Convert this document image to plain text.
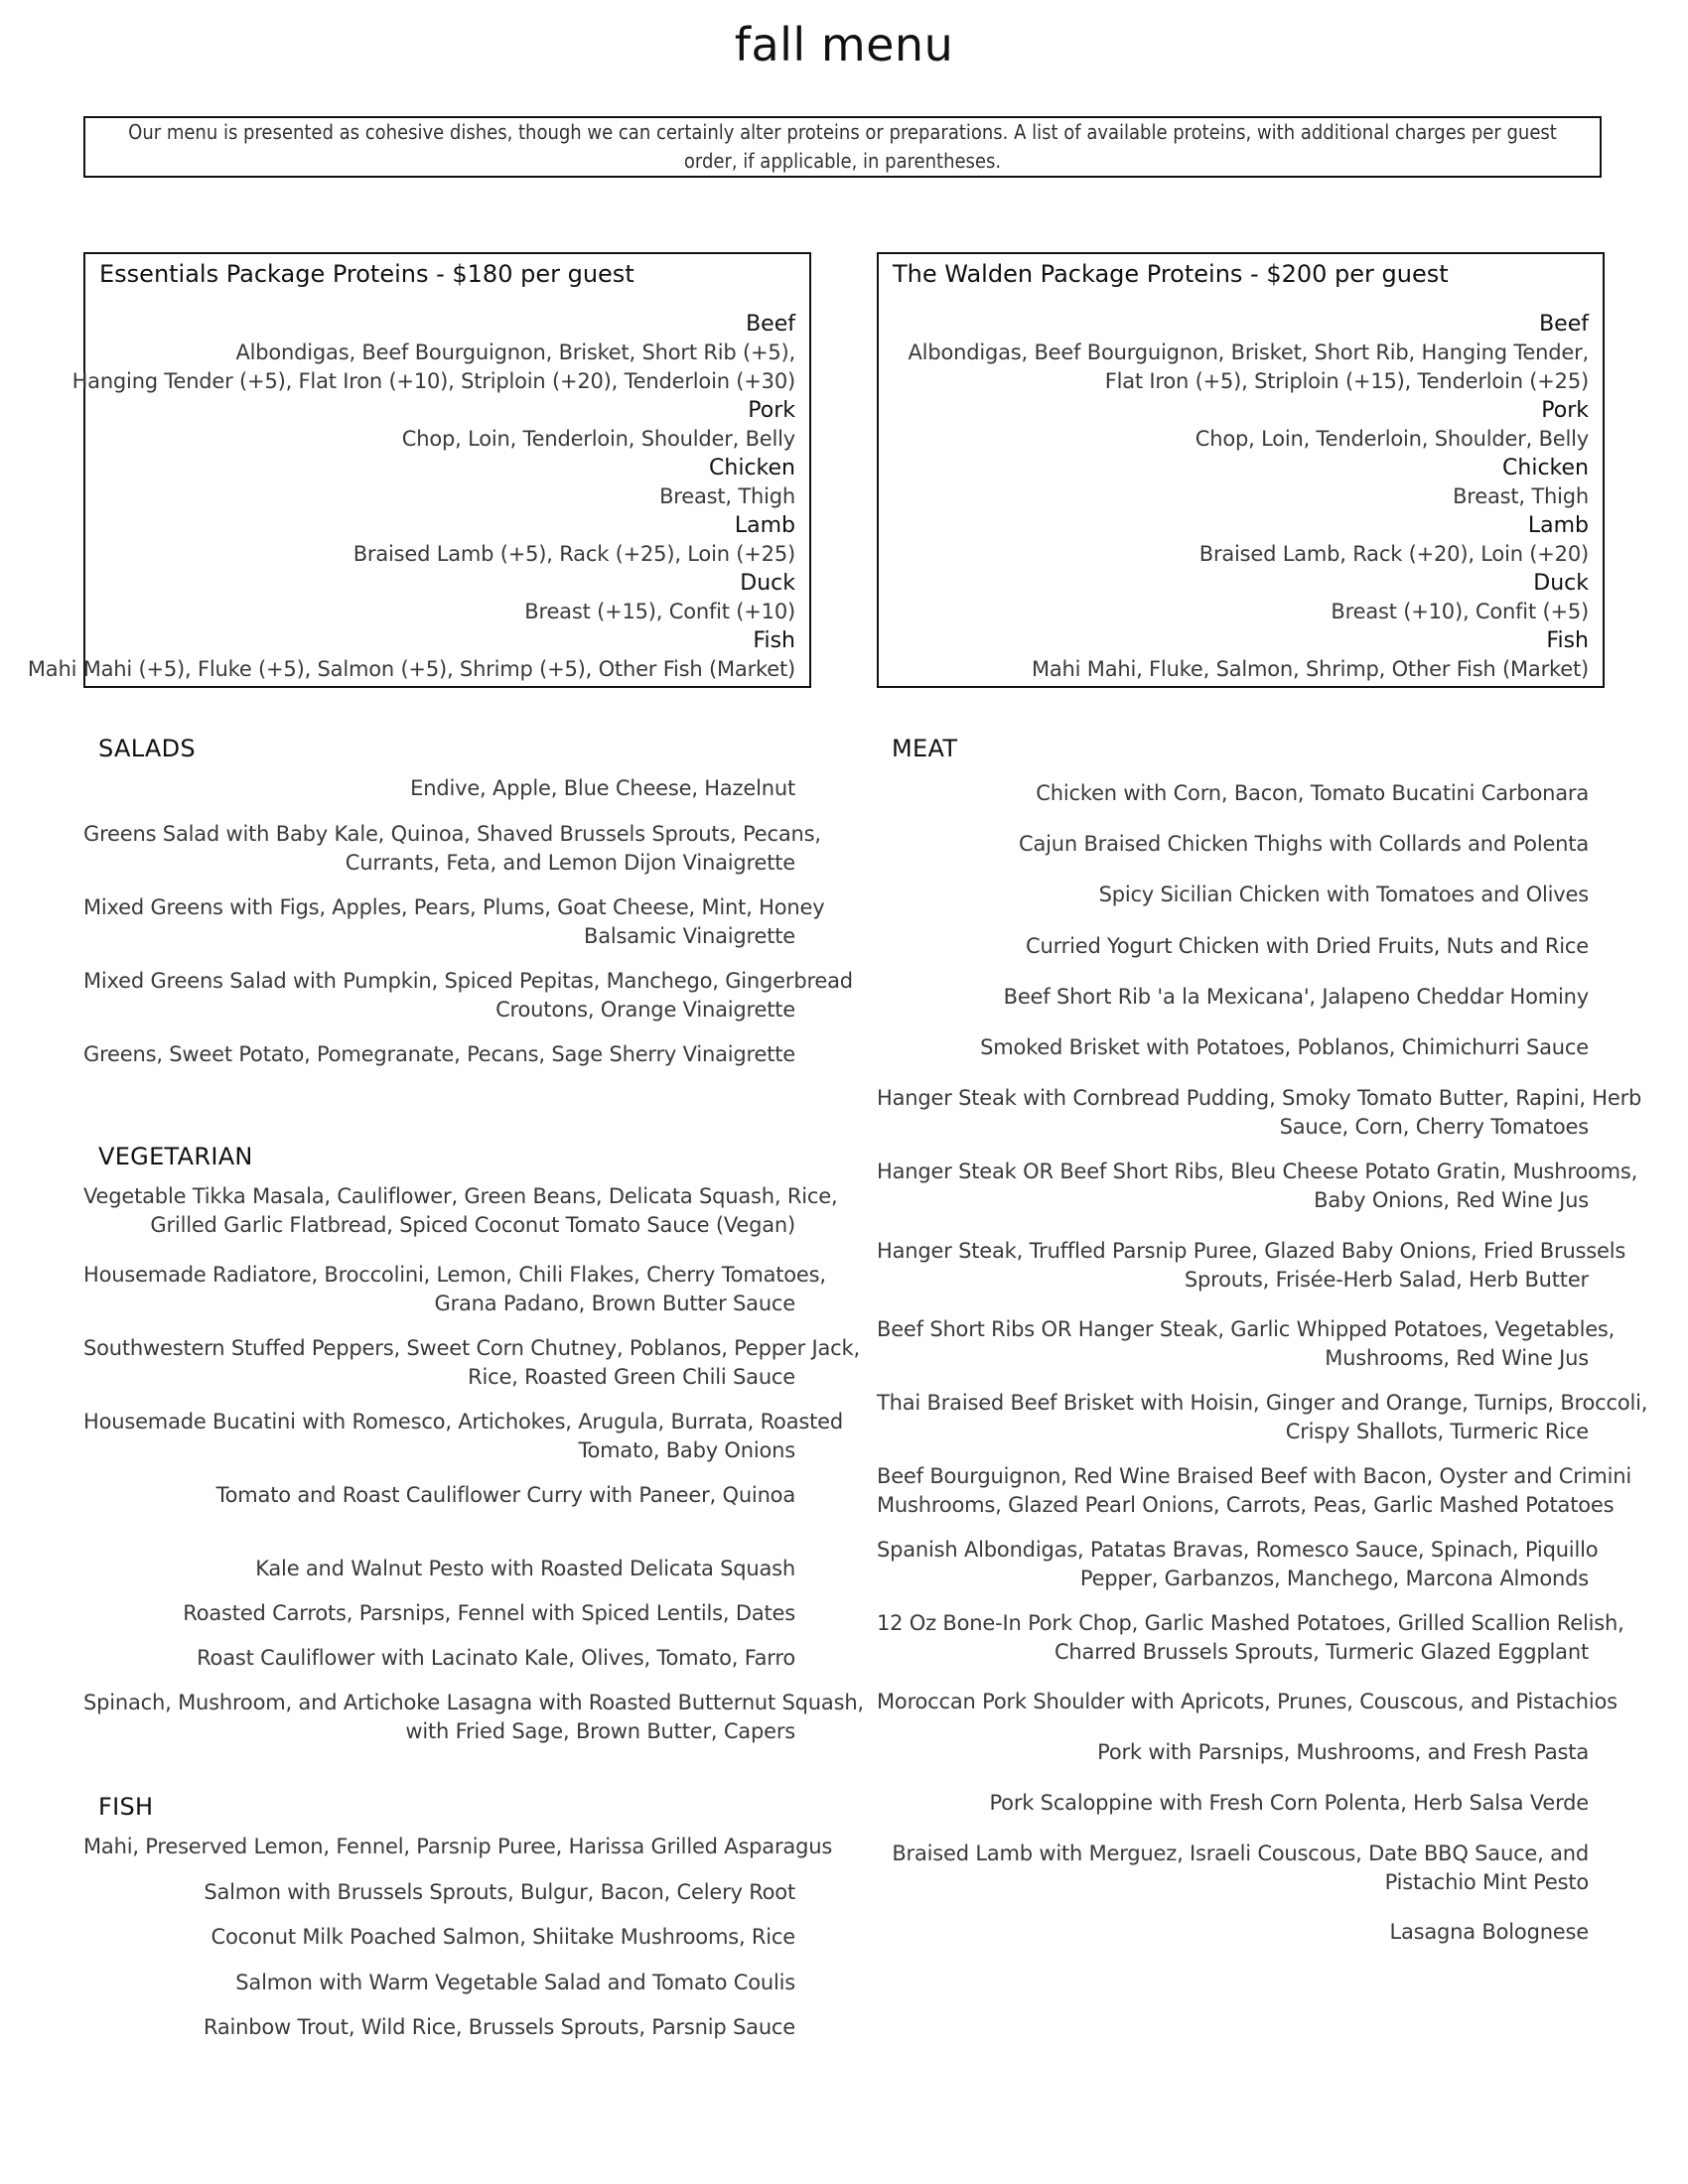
fall menu

Our menu is presented as cohesive dishes, though we can certainly alter proteins or preparations. A list of available proteins, with additional charges per guest order, if applicable, in parentheses.

Essentials Package Proteins - $180 per guest
Beef
Albondigas, Beef Bourguignon, Brisket, Short Rib (+5),
Hanging Tender (+5), Flat Iron (+10), Striploin (+20), Tenderloin (+30)
Pork
Chop, Loin, Tenderloin, Shoulder, Belly
Chicken
Breast, Thigh
Lamb
Braised Lamb (+5), Rack (+25), Loin (+25)
Duck
Breast (+15), Confit (+10)
Fish
Mahi Mahi (+5), Fluke (+5), Salmon (+5), Shrimp (+5), Other Fish (Market)
The Walden Package Proteins - $200 per guest
Beef
Albondigas, Beef Bourguignon, Brisket, Short Rib, Hanging Tender,
Flat Iron (+5), Striploin (+15), Tenderloin (+25)
Pork
Chop, Loin, Tenderloin, Shoulder, Belly
Chicken
Breast, Thigh
Lamb
Braised Lamb, Rack (+20), Loin (+20)
Duck
Breast (+10), Confit (+5)
Fish
Mahi Mahi, Fluke, Salmon, Shrimp, Other Fish (Market)
SALADS
Endive, Apple, Blue Cheese, Hazelnut
Greens Salad with Baby Kale, Quinoa, Shaved Brussels Sprouts, Pecans,
Currants, Feta, and Lemon Dijon Vinaigrette
Mixed Greens with Figs, Apples, Pears, Plums, Goat Cheese, Mint, Honey
Balsamic Vinaigrette
Mixed Greens Salad with Pumpkin, Spiced Pepitas, Manchego, Gingerbread
Croutons, Orange Vinaigrette
Greens, Sweet Potato, Pomegranate, Pecans, Sage Sherry Vinaigrette
VEGETARIAN
Vegetable Tikka Masala, Cauliflower, Green Beans, Delicata Squash, Rice,
Grilled Garlic Flatbread, Spiced Coconut Tomato Sauce (Vegan)
Housemade Radiatore, Broccolini, Lemon, Chili Flakes, Cherry Tomatoes,
Grana Padano, Brown Butter Sauce
Southwestern Stuffed Peppers, Sweet Corn Chutney, Poblanos, Pepper Jack,
Rice, Roasted Green Chili Sauce
Housemade Bucatini with Romesco, Artichokes, Arugula, Burrata, Roasted
Tomato, Baby Onions
Tomato and Roast Cauliflower Curry with Paneer, Quinoa
Kale and Walnut Pesto with Roasted Delicata Squash
Roasted Carrots, Parsnips, Fennel with Spiced Lentils, Dates
Roast Cauliflower with Lacinato Kale, Olives, Tomato, Farro
Spinach, Mushroom, and Artichoke Lasagna with Roasted Butternut Squash,
with Fried Sage, Brown Butter, Capers
FISH
Mahi, Preserved Lemon, Fennel, Parsnip Puree, Harissa Grilled Asparagus
Salmon with Brussels Sprouts, Bulgur, Bacon, Celery Root
Coconut Milk Poached Salmon, Shiitake Mushrooms, Rice
Salmon with Warm Vegetable Salad and Tomato Coulis
Rainbow Trout, Wild Rice, Brussels Sprouts, Parsnip Sauce
MEAT
Chicken with Corn, Bacon, Tomato Bucatini Carbonara
Cajun Braised Chicken Thighs with Collards and Polenta
Spicy Sicilian Chicken with Tomatoes and Olives
Curried Yogurt Chicken with Dried Fruits, Nuts and Rice
Beef Short Rib 'a la Mexicana', Jalapeno Cheddar Hominy
Smoked Brisket with Potatoes, Poblanos, Chimichurri Sauce
Hanger Steak with Cornbread Pudding, Smoky Tomato Butter, Rapini, Herb
Sauce, Corn, Cherry Tomatoes
Hanger Steak OR Beef Short Ribs, Bleu Cheese Potato Gratin, Mushrooms,
Baby Onions, Red Wine Jus
Hanger Steak, Truffled Parsnip Puree, Glazed Baby Onions, Fried Brussels
Sprouts, Frisée-Herb Salad, Herb Butter
Beef Short Ribs OR Hanger Steak, Garlic Whipped Potatoes, Vegetables,
Mushrooms, Red Wine Jus
Thai Braised Beef Brisket with Hoisin, Ginger and Orange, Turnips, Broccoli,
Crispy Shallots, Turmeric Rice
Beef Bourguignon, Red Wine Braised Beef with Bacon, Oyster and Crimini
Mushrooms, Glazed Pearl Onions, Carrots, Peas, Garlic Mashed Potatoes
Spanish Albondigas, Patatas Bravas, Romesco Sauce, Spinach, Piquillo
Pepper, Garbanzos, Manchego, Marcona Almonds
12 Oz Bone-In Pork Chop, Garlic Mashed Potatoes, Grilled Scallion Relish,
Charred Brussels Sprouts, Turmeric Glazed Eggplant
Moroccan Pork Shoulder with Apricots, Prunes, Couscous, and Pistachios
Pork with Parsnips, Mushrooms, and Fresh Pasta
Pork Scaloppine with Fresh Corn Polenta, Herb Salsa Verde
Braised Lamb with Merguez, Israeli Couscous, Date BBQ Sauce, and
Pistachio Mint Pesto
Lasagna Bolognese
